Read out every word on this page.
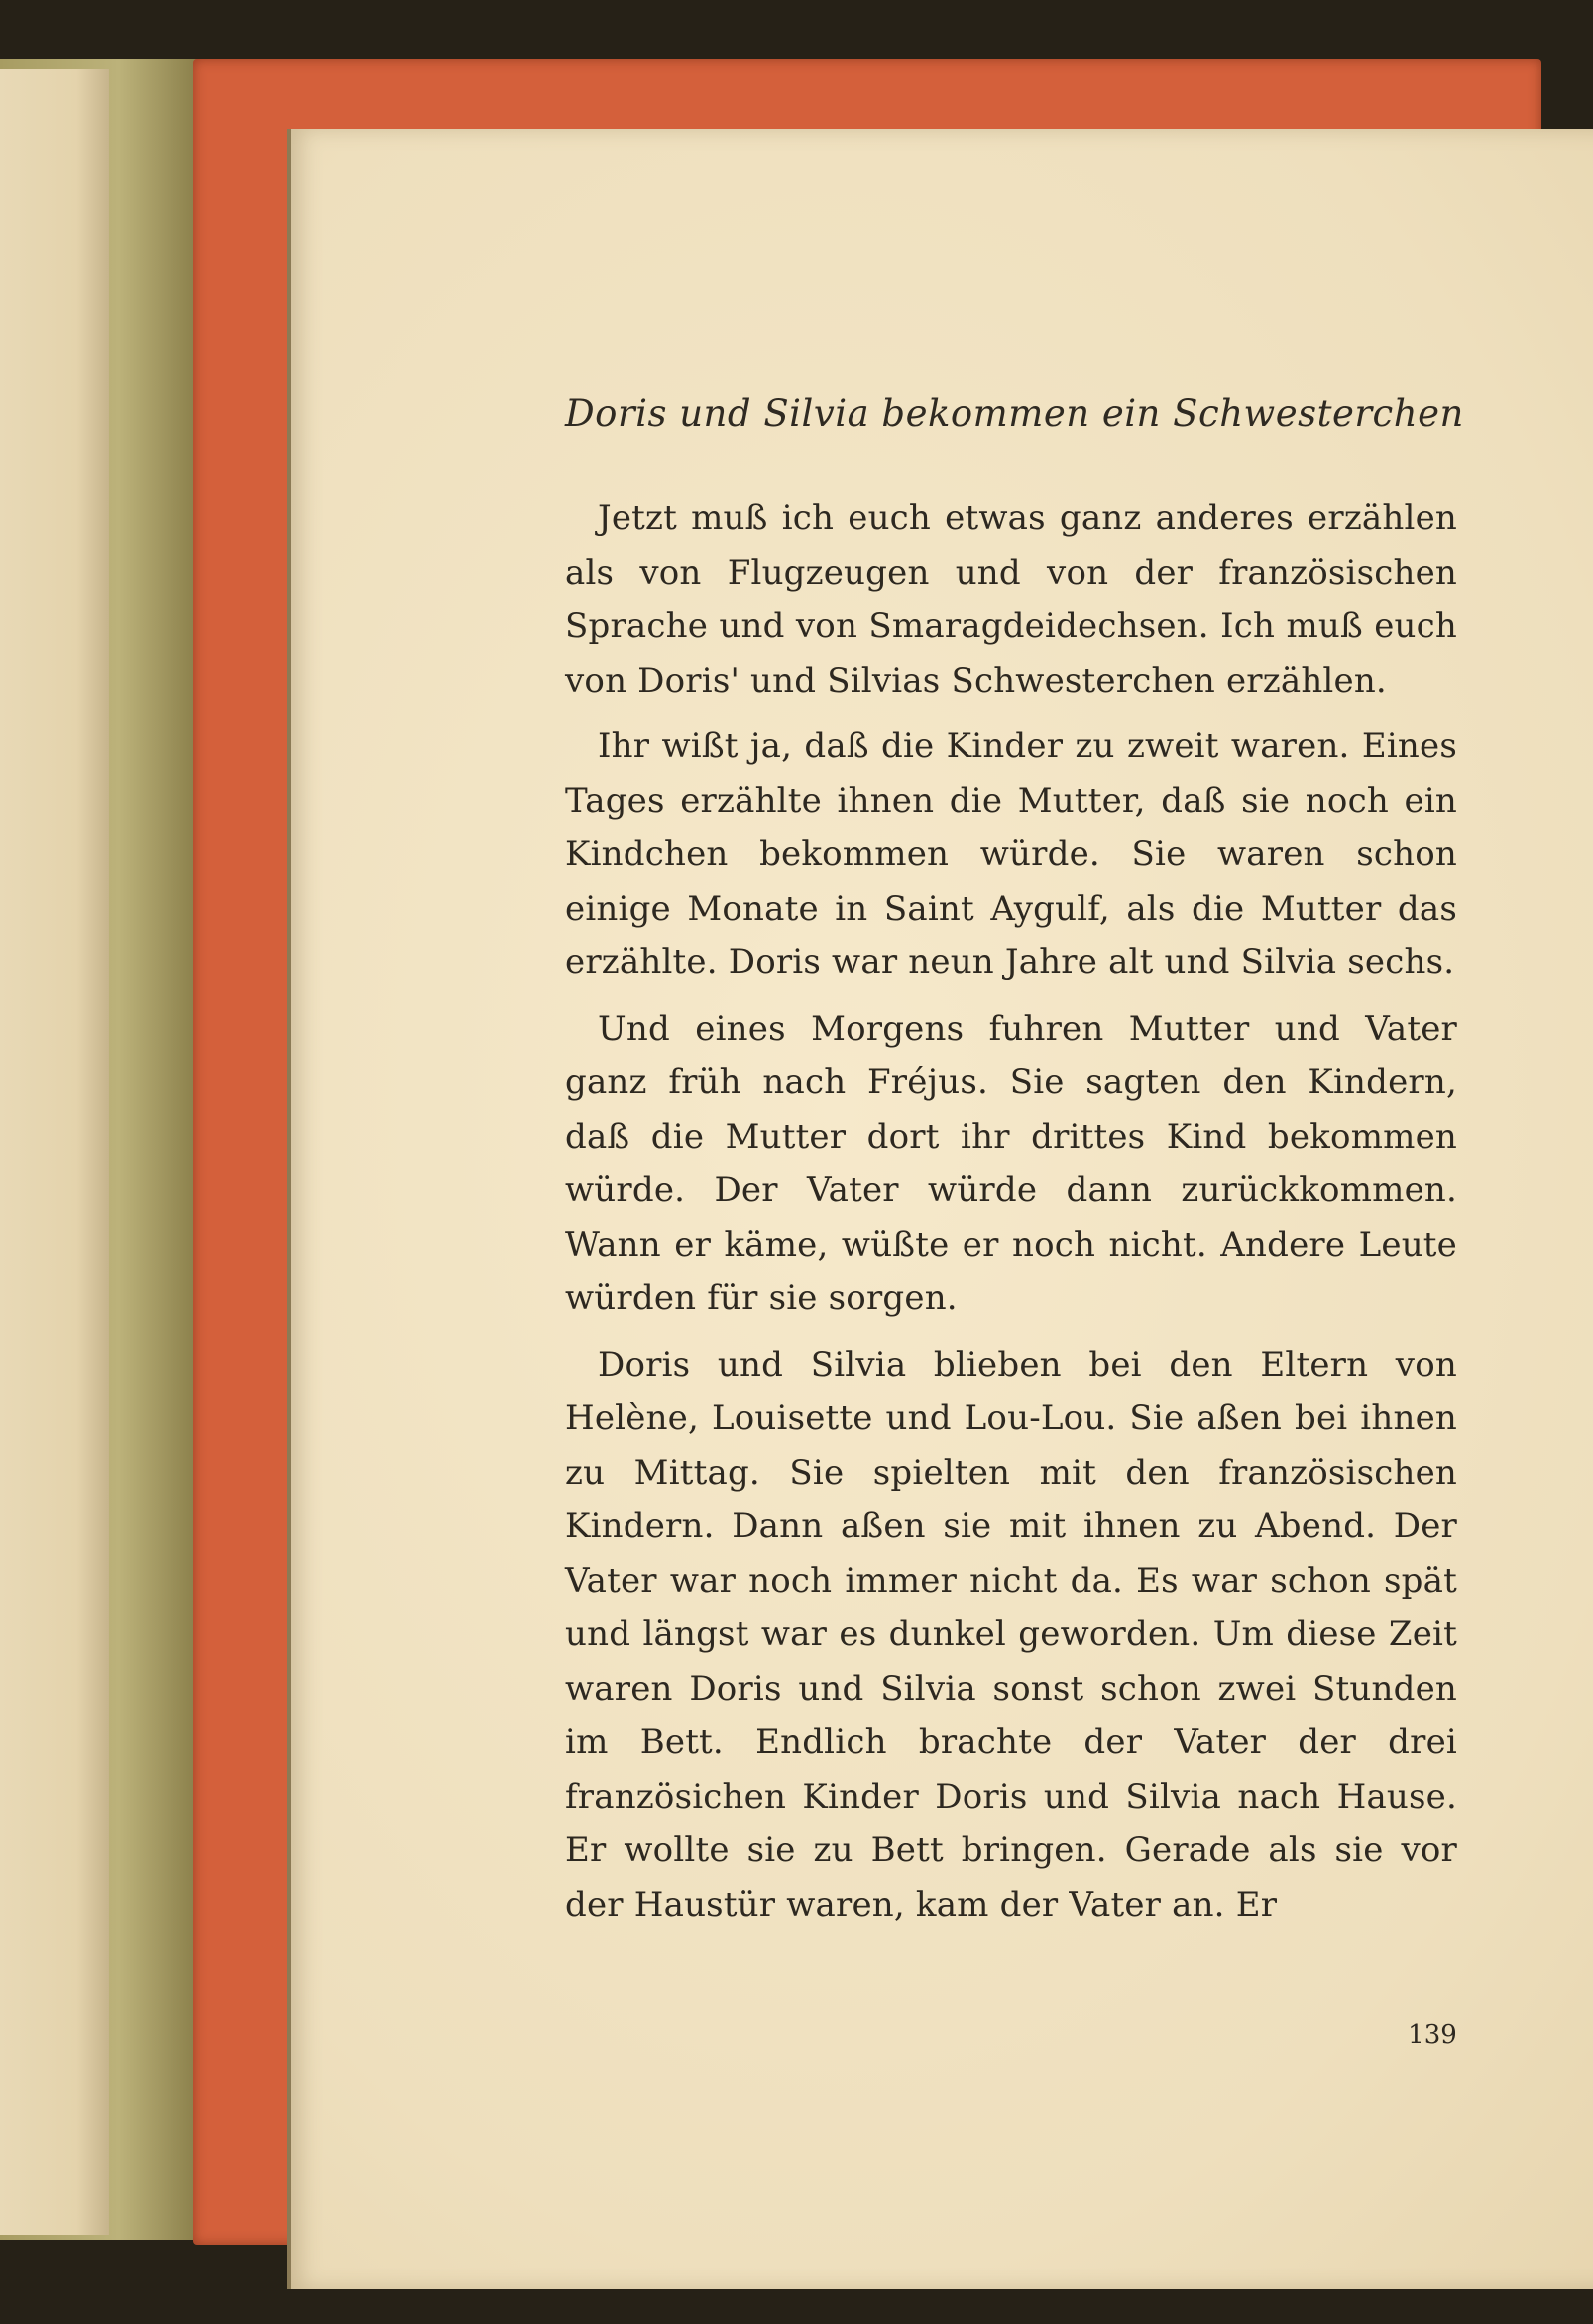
Doris und Silvia bekommen ein Schwesterchen

Jetzt muß ich euch etwas ganz anderes erzählen als von Flugzeugen und von der französischen Sprache und von Smaragdeidechsen. Ich muß euch von Doris' und Silvias Schwesterchen erzählen.

Ihr wißt ja, daß die Kinder zu zweit waren. Eines Tages erzählte ihnen die Mutter, daß sie noch ein Kindchen bekommen würde. Sie waren schon einige Monate in Saint Aygulf, als die Mutter das erzählte. Doris war neun Jahre alt und Silvia sechs.

Und eines Morgens fuhren Mutter und Vater ganz früh nach Fréjus. Sie sagten den Kindern, daß die Mutter dort ihr drittes Kind bekommen würde. Der Vater würde dann zurückkommen. Wann er käme, wüßte er noch nicht. Andere Leute würden für sie sorgen.

Doris und Silvia blieben bei den Eltern von Helène, Louisette und Lou-Lou. Sie aßen bei ihnen zu Mittag. Sie spielten mit den französischen Kindern. Dann aßen sie mit ihnen zu Abend. Der Vater war noch immer nicht da. Es war schon spät und längst war es dunkel geworden. Um diese Zeit waren Doris und Silvia sonst schon zwei Stunden im Bett. Endlich brachte der Vater der drei französichen Kinder Doris und Silvia nach Hause. Er wollte sie zu Bett bringen. Gerade als sie vor der Haustür waren, kam der Vater an. Er

139
